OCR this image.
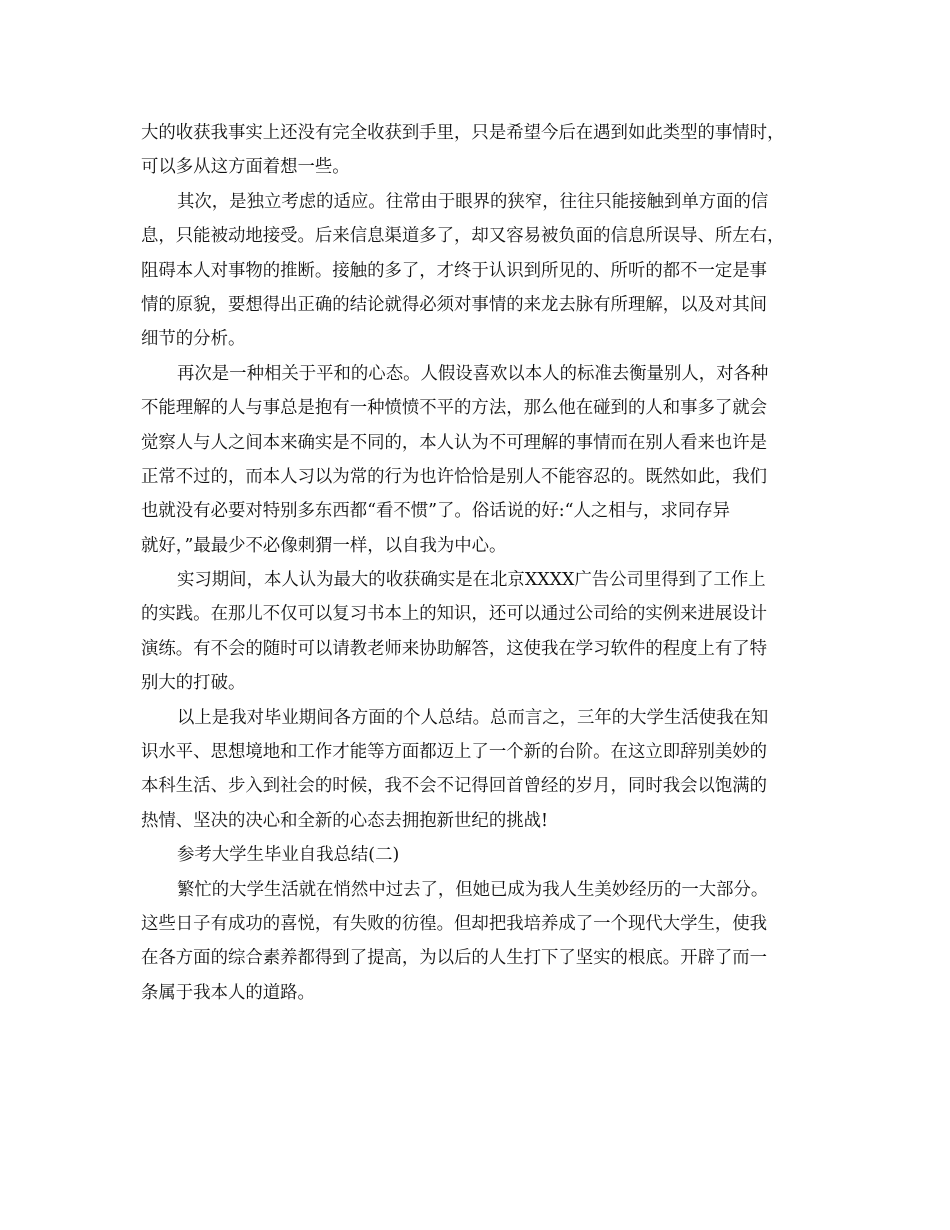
大的收获我事实上还没有完全收获到手里，只是希望今后在遇到如此类型的事情时，
可以多从这方面着想一些。
其次，是独立考虑的适应。往常由于眼界的狭窄，往往只能接触到单方面的信
息，只能被动地接受。后来信息渠道多了，却又容易被负面的信息所误导、所左右，
阻碍本人对事物的推断。接触的多了，才终于认识到所见的、所听的都不一定是事
情的原貌，要想得出正确的结论就得必须对事情的来龙去脉有所理解，以及对其间
细节的分析。
再次是一种相关于平和的心态。人假设喜欢以本人的标准去衡量别人，对各种
不能理解的人与事总是抱有一种愤愤不平的方法，那么他在碰到的人和事多了就会
觉察人与人之间本来确实是不同的，本人认为不可理解的事情而在别人看来也许是
正常不过的，而本人习以为常的行为也许恰恰是别人不能容忍的。既然如此，我们
也就没有必要对特别多东西都“看不惯”了。俗话说的好:“人之相与，求同存异
就好，”最最少不必像刺猬一样，以自我为中心。
实习期间，本人认为最大的收获确实是在北京XXXX广告公司里得到了工作上
的实践。在那儿不仅可以复习书本上的知识，还可以通过公司给的实例来进展设计
演练。有不会的随时可以请教老师来协助解答，这使我在学习软件的程度上有了特
别大的打破。
以上是我对毕业期间各方面的个人总结。总而言之，三年的大学生活使我在知
识水平、思想境地和工作才能等方面都迈上了一个新的台阶。在这立即辞别美妙的
本科生活、步入到社会的时候，我不会不记得回首曾经的岁月，同时我会以饱满的
热情、坚决的决心和全新的心态去拥抱新世纪的挑战!
参考大学生毕业自我总结(二)
繁忙的大学生活就在悄然中过去了，但她已成为我人生美妙经历的一大部分。
这些日子有成功的喜悦，有失败的彷徨。但却把我培养成了一个现代大学生，使我
在各方面的综合素养都得到了提高，为以后的人生打下了坚实的根底。开辟了而一
条属于我本人的道路。
